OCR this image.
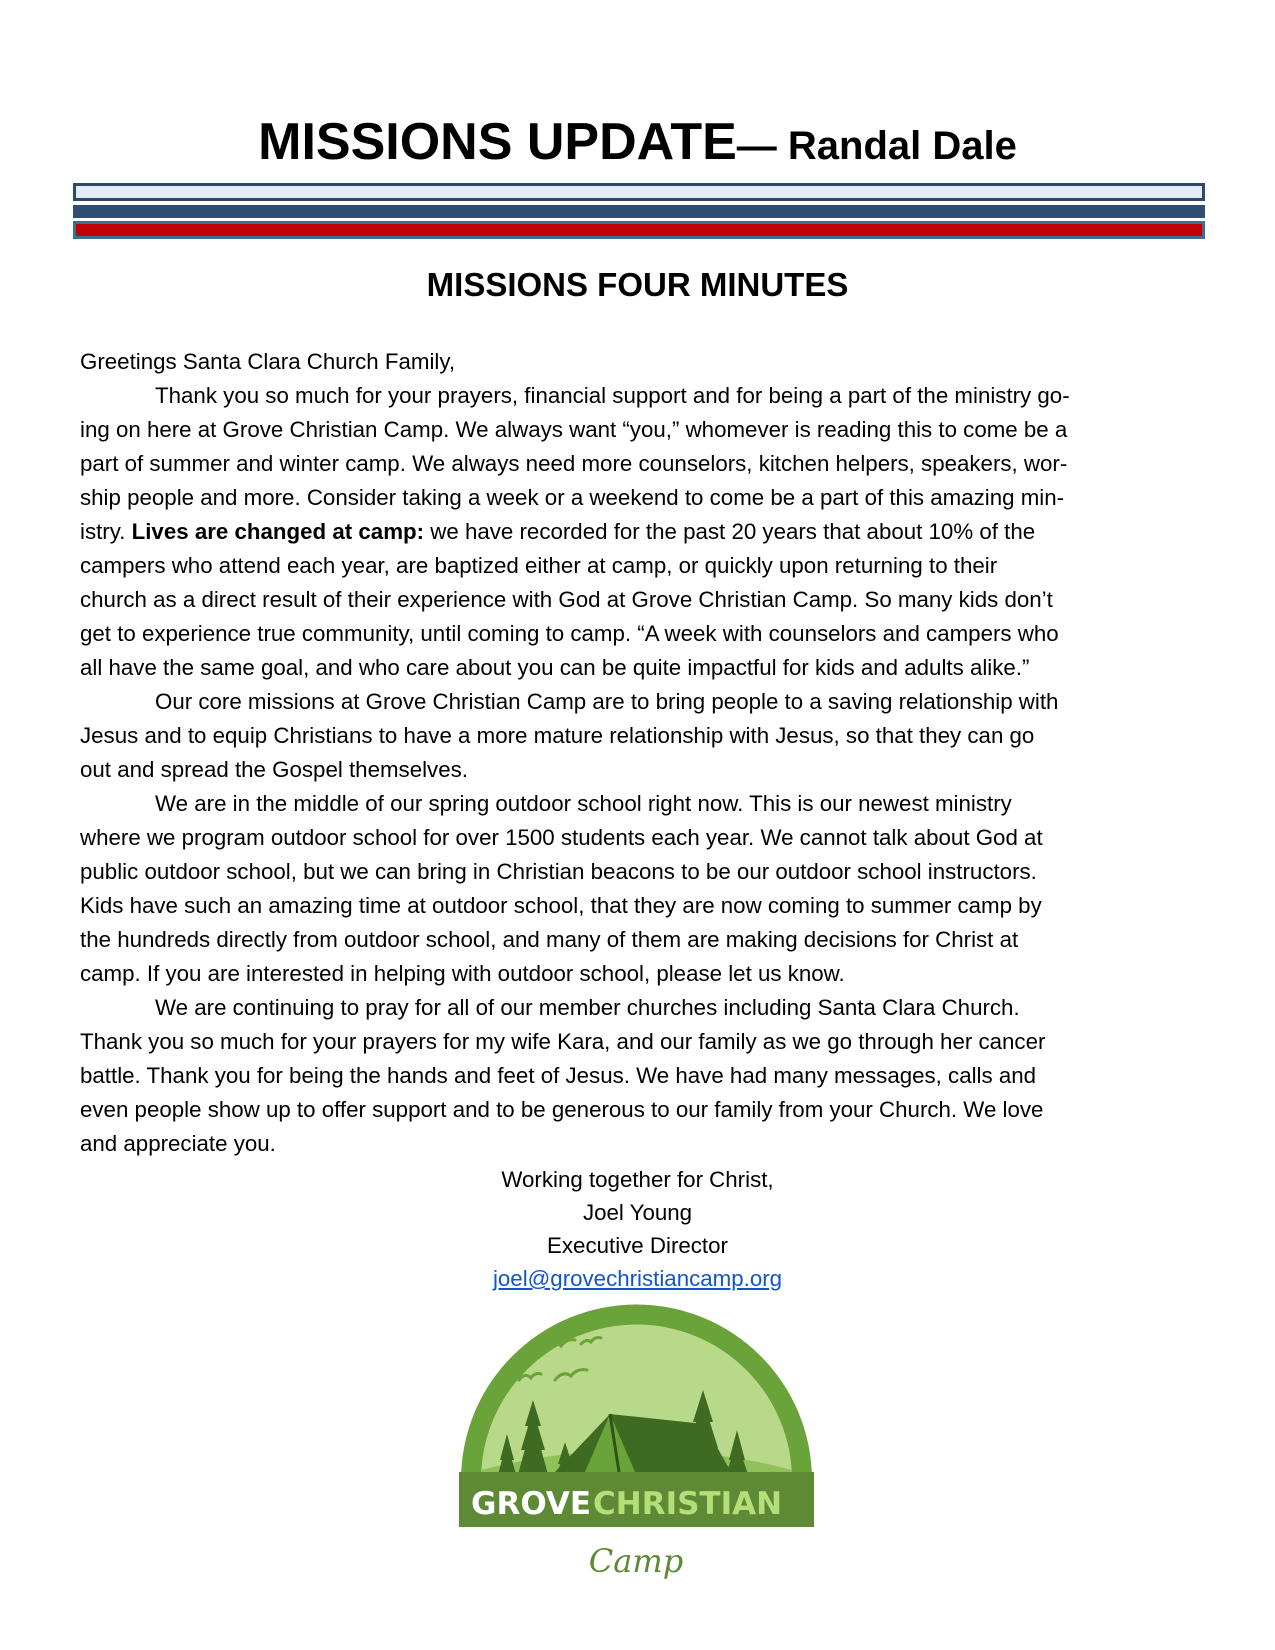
MISSIONS UPDATE— Randal Dale
MISSIONS FOUR MINUTES

Greetings Santa Clara Church Family,

Thank you so much for your prayers, financial support and for being a part of the ministry go-
ing on here at Grove Christian Camp. We always want “you,” whomever is reading this to come be a
part of summer and winter camp. We always need more counselors, kitchen helpers, speakers, wor-
ship people and more. Consider taking a week or a weekend to come be a part of this amazing min-
istry. Lives are changed at camp: we have recorded for the past 20 years that about 10% of the
campers who attend each year, are baptized either at camp, or quickly upon returning to their
church as a direct result of their experience with God at Grove Christian Camp. So many kids don’t
get to experience true community, until coming to camp. “A week with counselors and campers who
all have the same goal, and who care about you can be quite impactful for kids and adults alike.”

Our core missions at Grove Christian Camp are to bring people to a saving relationship with
Jesus and to equip Christians to have a more mature relationship with Jesus, so that they can go
out and spread the Gospel themselves.

We are in the middle of our spring outdoor school right now. This is our newest ministry
where we program outdoor school for over 1500 students each year. We cannot talk about God at
public outdoor school, but we can bring in Christian beacons to be our outdoor school instructors.
Kids have such an amazing time at outdoor school, that they are now coming to summer camp by
the hundreds directly from outdoor school, and many of them are making decisions for Christ at
camp. If you are interested in helping with outdoor school, please let us know.

We are continuing to pray for all of our member churches including Santa Clara Church.
Thank you so much for your prayers for my wife Kara, and our family as we go through her cancer
battle. Thank you for being the hands and feet of Jesus. We have had many messages, calls and
even people show up to offer support and to be generous to our family from your Church. We love
and appreciate you.

Working together for Christ,
Joel Young
Executive Director
joel@grovechristiancamp.org
GROVE CHRISTIAN
Camp
